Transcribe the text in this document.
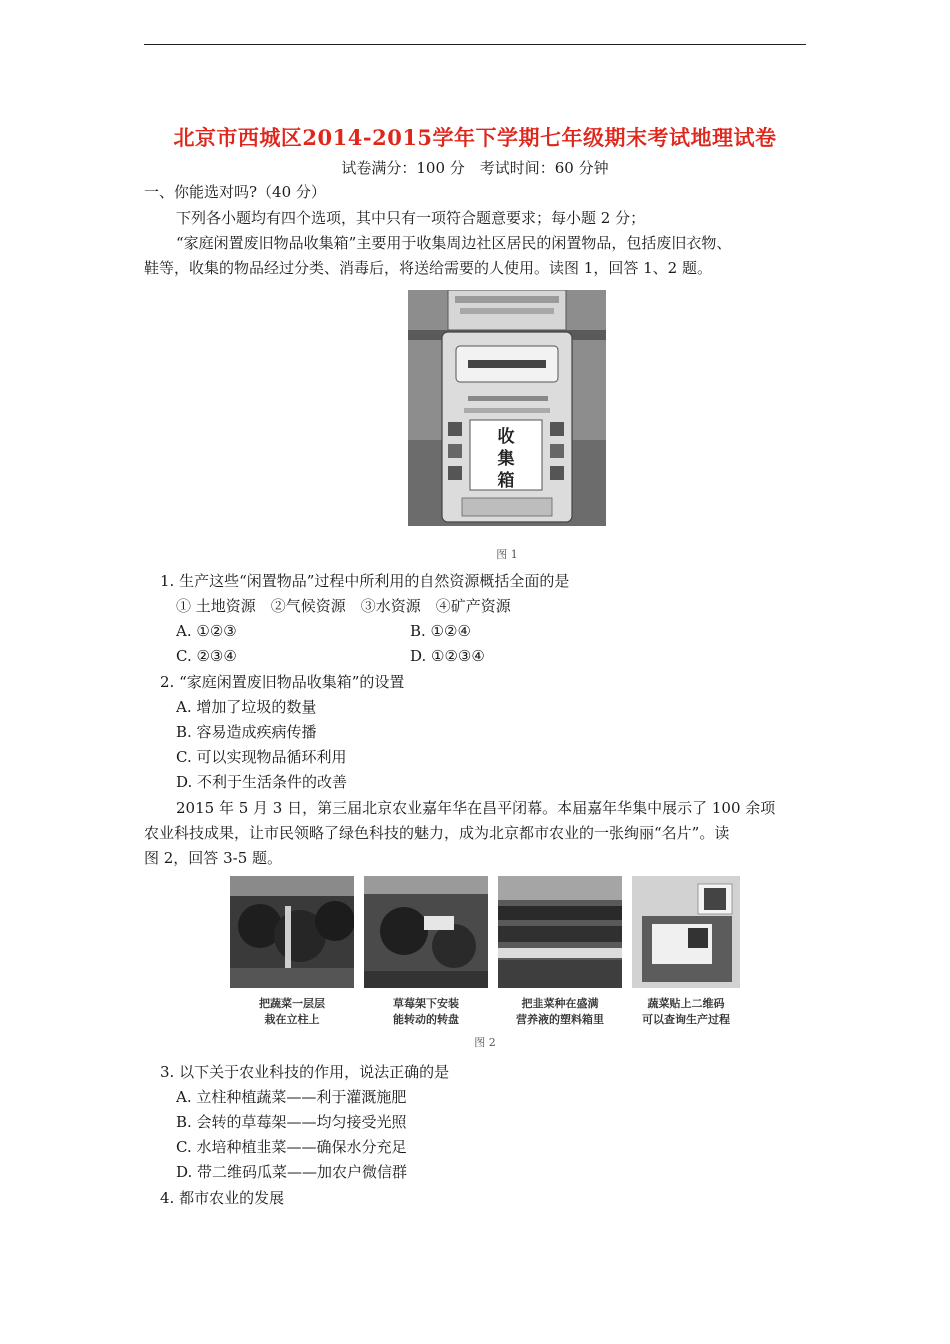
北京市西城区2014-2015学年下学期七年级期末考试地理试卷
试卷满分：100 分　考试时间：60 分钟
一、你能选对吗?（40 分）
下列各小题均有四个选项，其中只有一项符合题意要求；每小题 2 分；
“家庭闲置废旧物品收集箱”主要用于收集周边社区居民的闲置物品，包括废旧衣物、
鞋等，收集的物品经过分类、消毒后，将送给需要的人使用。读图 1，回答 1、2 题。
收
集
箱
图 1
1. 生产这些“闲置物品”过程中所利用的自然资源概括全面的是
① 土地资源　②气候资源　③水资源　④矿产资源
A. ①②③	B. ①②④
C. ②③④	D. ①②③④
2. “家庭闲置废旧物品收集箱”的设置
A. 增加了垃圾的数量
B. 容易造成疾病传播
C. 可以实现物品循环利用
D. 不利于生活条件的改善
2015 年 5 月 3 日，第三届北京农业嘉年华在昌平闭幕。本届嘉年华集中展示了 100 余项
农业科技成果，让市民领略了绿色科技的魅力，成为北京都市农业的一张绚丽“名片”。读
图 2，回答 3-5 题。
把蔬菜一层层
栽在立柱上
草莓架下安装
能转动的转盘
把韭菜种在盛满
营养液的塑料箱里
蔬菜贴上二维码
可以查询生产过程
图 2
3. 以下关于农业科技的作用，说法正确的是
A. 立柱种植蔬菜——利于灌溉施肥
B. 会转的草莓架——均匀接受光照
C. 水培种植韭菜——确保水分充足
D. 带二维码瓜菜——加农户微信群
4. 都市农业的发展
